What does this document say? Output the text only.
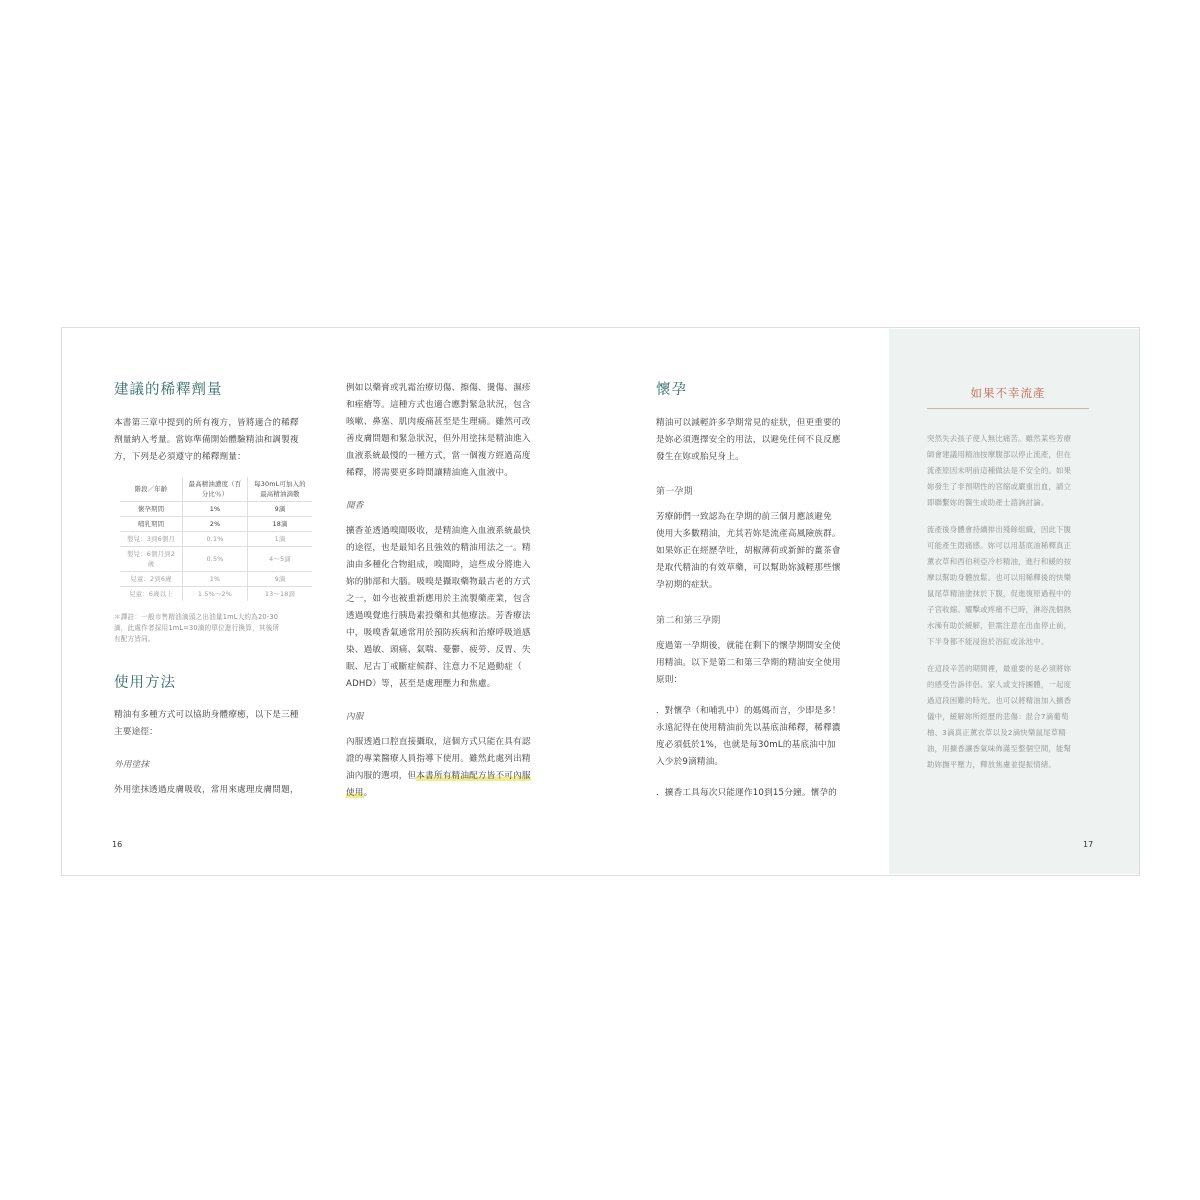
建議的稀釋劑量

本書第三章中提到的所有複方，皆將適合的稀釋

劑量納入考量。當妳準備開始體驗精油和調製複

方，下列是必須遵守的稀釋劑量：

階段／年齡	最高精油濃度（百分比％）	每30mL可加入的最高精油滴數
懷孕期間	1%	9滴
哺乳期間	2%	18滴
嬰兒：3到6個月	0.1%	1滴
嬰兒：6個月到2歲	0.5%	4～5滴
兒童：2到6歲	1%	9滴
兒童：6歲以上	1.5%～2%	13～18滴
＊譯註：一般市售精油滴頭之出油量1mL大約為20-30
滴，此處作者採用1mL=30滴的單位進行換算，其後所
有配方皆同。
使用方法

精油有多種方式可以協助身體療癒，以下是三種

主要途徑：

外用塗抹

外用塗抹透過皮膚吸收，常用來處理皮膚問題，

16

例如以藥膏或乳霜治療切傷、擦傷、燙傷、濕疹

和痤瘡等。這種方式也適合應對緊急狀況，包含

咳嗽、鼻塞、肌肉痠痛甚至是生理痛。雖然可改

善皮膚問題和緊急狀況，但外用塗抹是精油進入

血液系統最慢的一種方式，當一個複方經過高度

稀釋，將需要更多時間讓精油進入血液中。

聞香

擴香並透過嗅聞吸收，是精油進入血液系統最快

的途徑，也是最知名且強效的精油用法之一。精

油由多種化合物組成，嗅聞時，這些成分將進入

妳的肺部和大腦。吸嗅是攝取藥物最古老的方式

之一，如今也被重新應用於主流製藥產業，包含

透過嗅覺進行胰島素投藥和其他療法。芳香療法

中，吸嗅香氣通常用於預防疾病和治療呼吸道感

染、過敏、頭痛、氣喘、憂鬱、疲勞、反胃、失

眠、尼古丁戒斷症候群、注意力不足過動症（

ADHD）等，甚至是處理壓力和焦慮。

內服

內服透過口腔直接攝取，這個方式只能在具有認

證的專業醫療人員指導下使用。雖然此處列出精

油內服的選項，但本書所有精油配方皆不可內服

使用。

懷孕

精油可以減輕許多孕期常見的症狀，但更重要的

是妳必須選擇安全的用法，以避免任何不良反應

發生在妳或胎兒身上。

第一孕期

芳療師們一致認為在孕期的前三個月應該避免

使用大多數精油，尤其若妳是流產高風險族群。

如果妳正在經歷孕吐，胡椒薄荷或新鮮的薑茶會

是取代精油的有效草藥，可以幫助妳減輕那些懷

孕初期的症狀。

第二和第三孕期

度過第一孕期後，就能在剩下的懷孕期間安全使

用精油。以下是第二和第三孕期的精油安全使用

原則：

．對懷孕（和哺乳中）的媽媽而言，少即是多！

永遠記得在使用精油前先以基底油稀釋，稀釋濃

度必須低於1%，也就是每30mL的基底油中加

入少於9滴精油。

．擴香工具每次只能運作10到15分鐘。懷孕的

如果不幸流產

突然失去孩子使人無比痛苦。雖然某些芳療

師會建議用精油按摩腹部以停止流產，但在

流產原因未明前這種做法是不安全的。如果

妳發生了非預期性的宮縮或嚴重出血，請立

即聯繫妳的醫生或助產士諮詢討論。

流產後身體會持續排出殘餘組織，因此下腹

可能產生悶痛感。妳可以用基底油稀釋真正

薰衣草和西伯利亞冷杉精油，進行和緩的按

摩以幫助身體放鬆。也可以用稀釋後的快樂

鼠尾草精油塗抹於下腹，促進復原過程中的

子宮收縮。耀擊或疼痛不已時，淋浴洗個熱

水澡有助於緩解，但需注意在出血停止前，

下半身都不能浸泡於浴缸或泳池中。

在這段辛苦的期間裡，最重要的是必須將妳

的感受告訴伴侶、家人或支持團體，一起度

過這段困難的時光。也可以將精油加入擴香

儀中，緩解妳所經歷的悲傷：混合7滴葡萄

柚、3滴真正薰衣草以及2滴快樂鼠尾草精

油，用擴香讓香氣味佈滿至整個空間，能幫

助妳撫平壓力，釋放焦慮並提振情緒。

17
